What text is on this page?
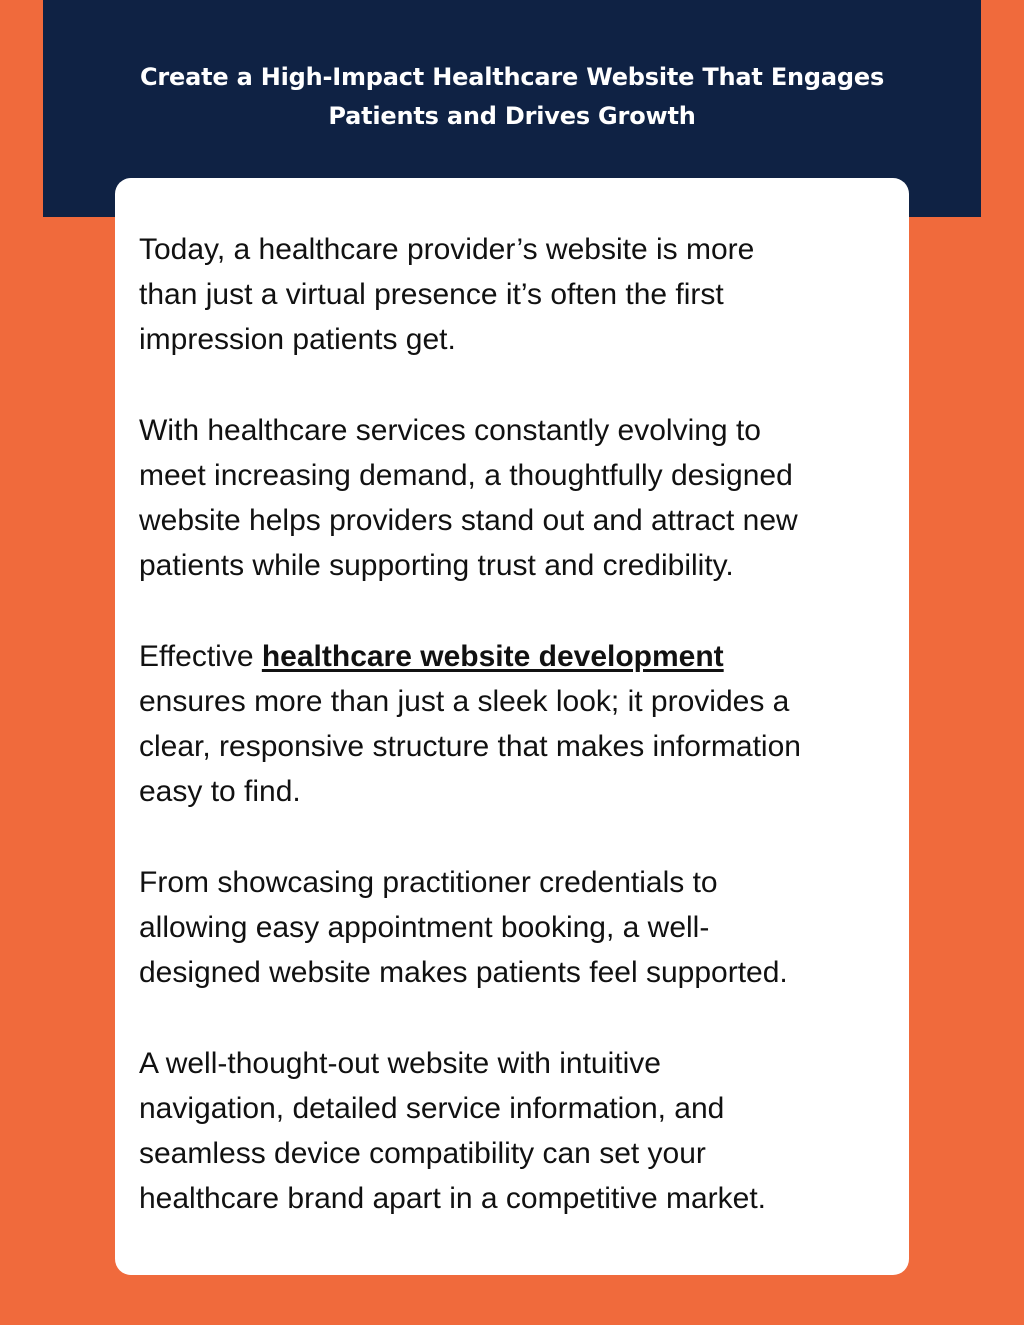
Create a High-Impact Healthcare Website That Engages
Patients and Drives Growth

Today, a healthcare provider’s website is more
than just a virtual presence it’s often the first
impression patients get.

With healthcare services constantly evolving to
meet increasing demand, a thoughtfully designed
website helps providers stand out and attract new
patients while supporting trust and credibility.

Effective healthcare website development
ensures more than just a sleek look; it provides a
clear, responsive structure that makes information
easy to find.

From showcasing practitioner credentials to
allowing easy appointment booking, a well-
designed website makes patients feel supported.

A well-thought-out website with intuitive
navigation, detailed service information, and
seamless device compatibility can set your
healthcare brand apart in a competitive market.
